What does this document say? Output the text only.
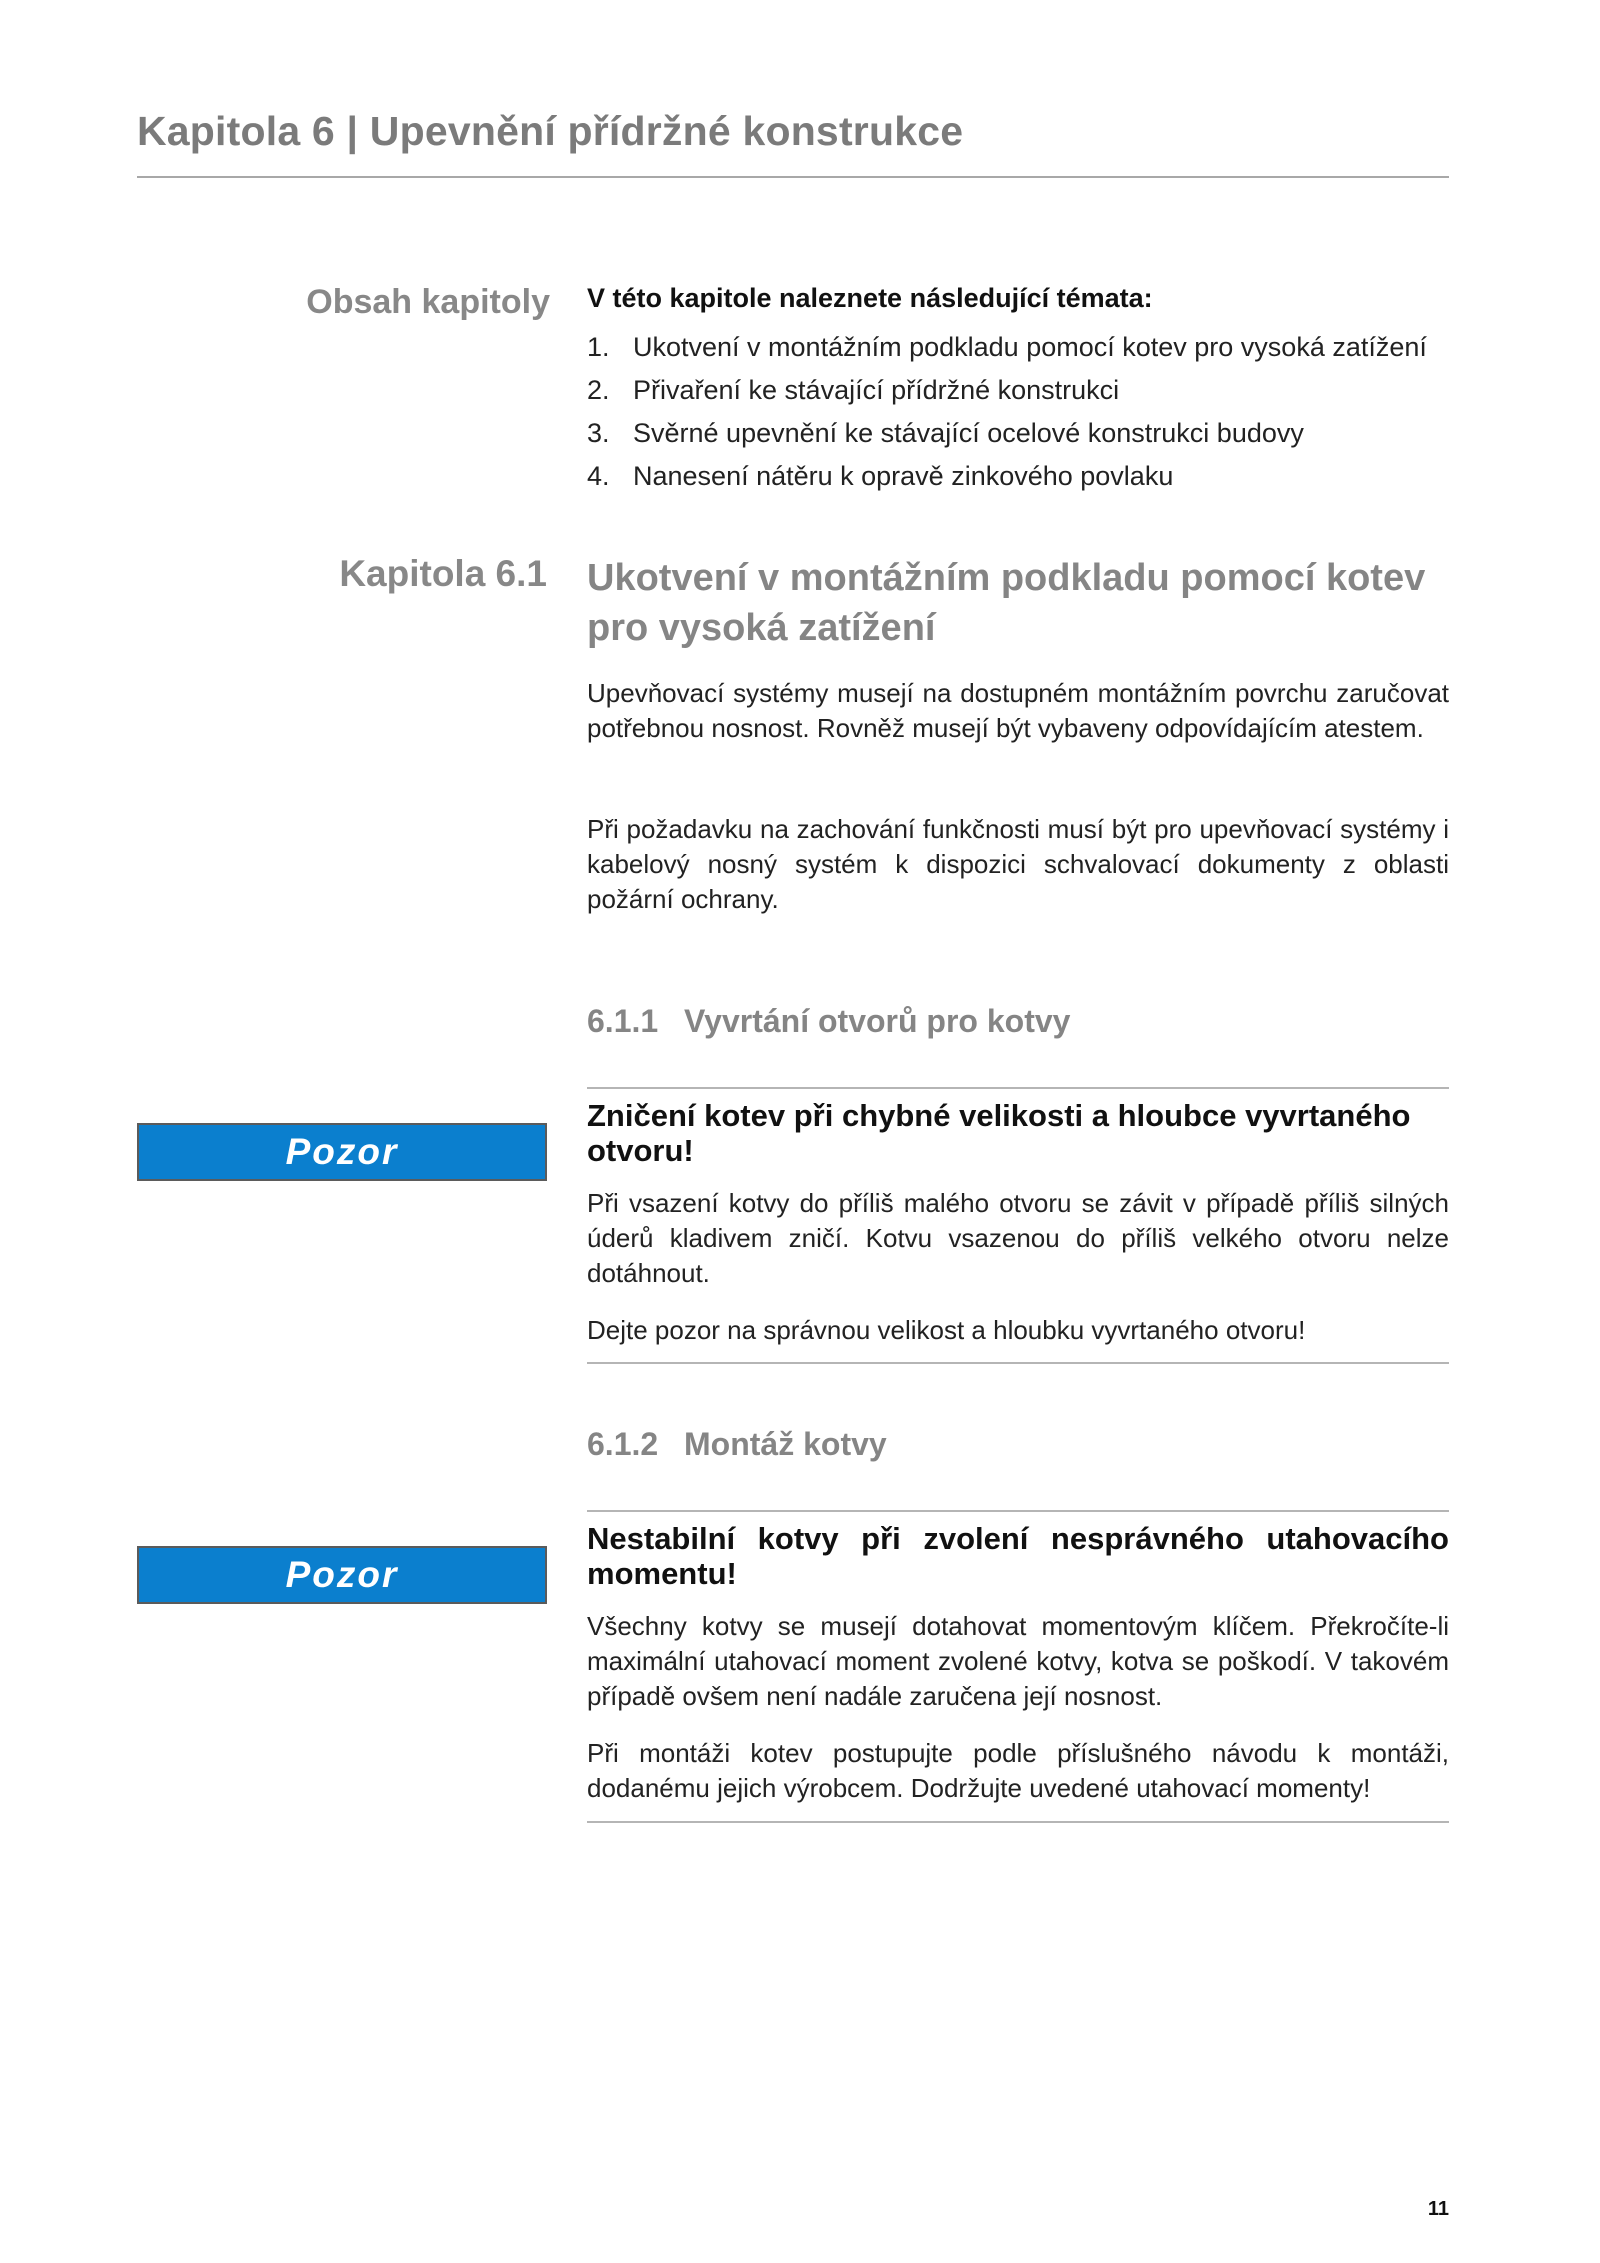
Kapitola 6 | Upevnění přídržné konstrukce
Obsah kapitoly V této kapitole naleznete následující témata:

1. Ukotvení v montážním podkladu pomocí kotev pro vysoká zatížení
2. Přivaření ke stávající přídržné konstrukci
3. Svěrné upevnění ke stávající ocelové konstrukci budovy
4. Nanesení nátěru k opravě zinkového povlaku
Kapitola 6.1 Ukotvení v montážním podkladu pomocí kotev pro vysoká zatížení

Upevňovací systémy musejí na dostupném montážním povrchu zaručovat potřebnou nosnost. Rovněž musejí být vybaveny odpovídajícím atestem.

Při požadavku na zachování funkčnosti musí být pro upevňovací systémy i kabelový nosný systém k dispozici schvalovací dokumenty z oblasti požární ochrany.

6.1.1 Vyvrtání otvorů pro kotvy
Pozor
Zničení kotev při chybné velikosti a hloubce vyvrtaného otvoru!

Při vsazení kotvy do příliš malého otvoru se závit v případě příliš silných úderů kladivem zničí. Kotvu vsazenou do příliš velkého otvoru nelze dotáhnout.

Dejte pozor na správnou velikost a hloubku vyvrtaného otvoru!

6.1.2 Montáž kotvy
Pozor
Nestabilní kotvy při zvolení nesprávného utahovacího momentu!

Všechny kotvy se musejí dotahovat momentovým klíčem. Překročíte-li maximální utahovací moment zvolené kotvy, kotva se poškodí. V takovém případě ovšem není nadále zaručena její nosnost.

Při montáži kotev postupujte podle příslušného návodu k montáži, dodanému jejich výrobcem. Dodržujte uvedené utahovací momenty!

11
